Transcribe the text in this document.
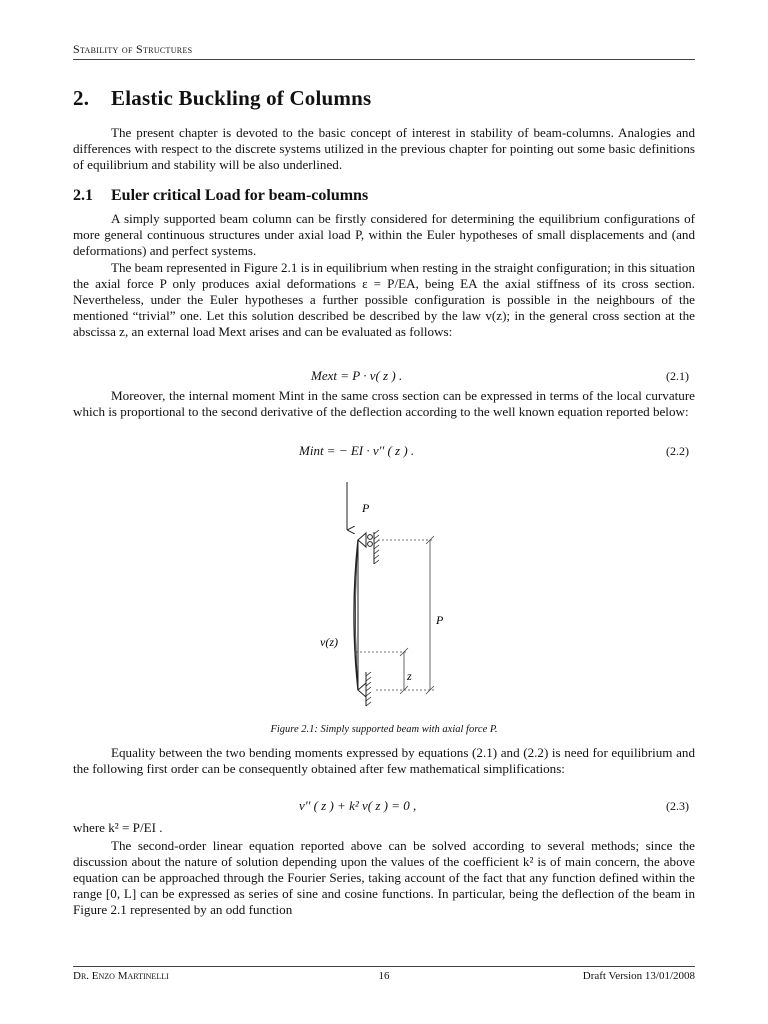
Stability of Structures
2. Elastic Buckling of Columns

The present chapter is devoted to the basic concept of interest in stability of beam-columns. Analogies and differences with respect to the discrete systems utilized in the previous chapter for pointing out some basic definitions of equilibrium and stability will be also underlined.

2.1 Euler critical Load for beam-columns

A simply supported beam column can be firstly considered for determining the equilibrium configurations of more general continuous structures under axial load P, within the Euler hypotheses of small displacements and (and deformations) and perfect systems.

The beam represented in Figure 2.1 is in equilibrium when resting in the straight configuration; in this situation the axial force P only produces axial deformations ε = P/EA, being EA the axial stiffness of its cross section. Nevertheless, under the Euler hypotheses a further possible configuration is possible in the neighbours of the mentioned “trivial” one. Let this solution described be described by the law v(z); in the general cross section at the abscissa z, an external load Mext arises and can be evaluated as follows:

Mext = P · v( z ) .	(2.1)

Moreover, the internal moment Mint in the same cross section can be expressed in terms of the local curvature which is proportional to the second derivative of the deflection according to the well known equation reported below:

Mint = − EI · v'' ( z ) .	(2.2)
P
P
v(z)
z
Figure 2.1: Simply supported beam with axial force P.

Equality between the two bending moments expressed by equations (2.1) and (2.2) is need for equilibrium and the following first order can be consequently obtained after few mathematical simplifications:

v'' ( z ) + k² v( z ) = 0 ,	(2.3)

where k² = P/EI .

The second-order linear equation reported above can be solved according to several methods; since the discussion about the nature of solution depending upon the values of the coefficient k² is of main concern, the above equation can be approached through the Fourier Series, taking account of the fact that any function defined within the range [0, L] can be expressed as series of sine and cosine functions. In particular, being the deflection of the beam in Figure 2.1 represented by an odd function

Dr. Enzo Martinelli	16	Draft Version 13/01/2008
